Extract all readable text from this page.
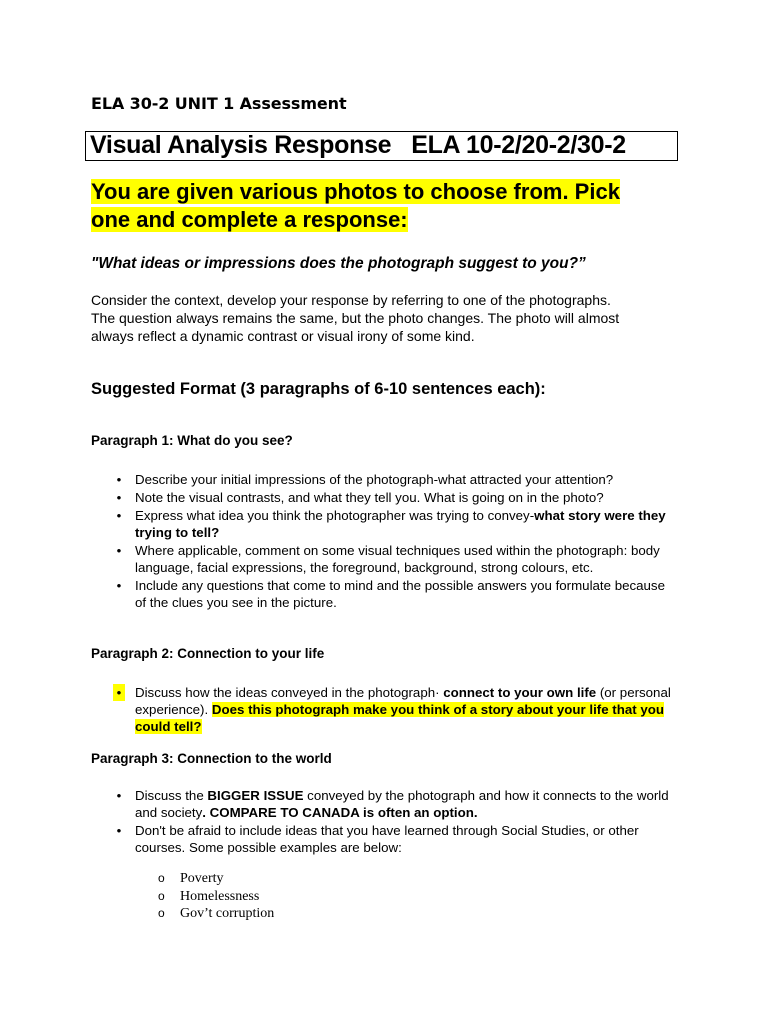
ELA 30-2 UNIT 1 Assessment
Visual Analysis Response   ELA 10-2/20-2/30-2
You are given various photos to choose from. Pick
one and complete a response:
"What ideas or impressions does the photograph suggest to you?”
Consider the context, develop your response by referring to one of the photographs.
The question always remains the same, but the photo changes. The photo will almost
always reflect a dynamic contrast or visual irony of some kind.
Suggested Format (3 paragraphs of 6-10 sentences each):
Paragraph 1: What do you see?
• Describe your initial impressions of the photograph-what attracted your attention?
• Note the visual contrasts, and what they tell you. What is going on in the photo?
• Express what idea you think the photographer was trying to convey-what story were they trying to tell?
• Where applicable, comment on some visual techniques used within the photograph: body language, facial expressions, the foreground, background, strong colours, etc.
• Include any questions that come to mind and the possible answers you formulate because of the clues you see in the picture.
Paragraph 2: Connection to your life
• Discuss how the ideas conveyed in the photograph· connect to your own life (or personal experience). Does this photograph make you think of a story about your life that you could tell?
Paragraph 3: Connection to the world
• Discuss the BIGGER ISSUE conveyed by the photograph and how it connects to the world and society. COMPARE TO CANADA is often an option.
• Don't be afraid to include ideas that you have learned through Social Studies, or other courses. Some possible examples are below:
o Poverty
o Homelessness
o Gov’t corruption
